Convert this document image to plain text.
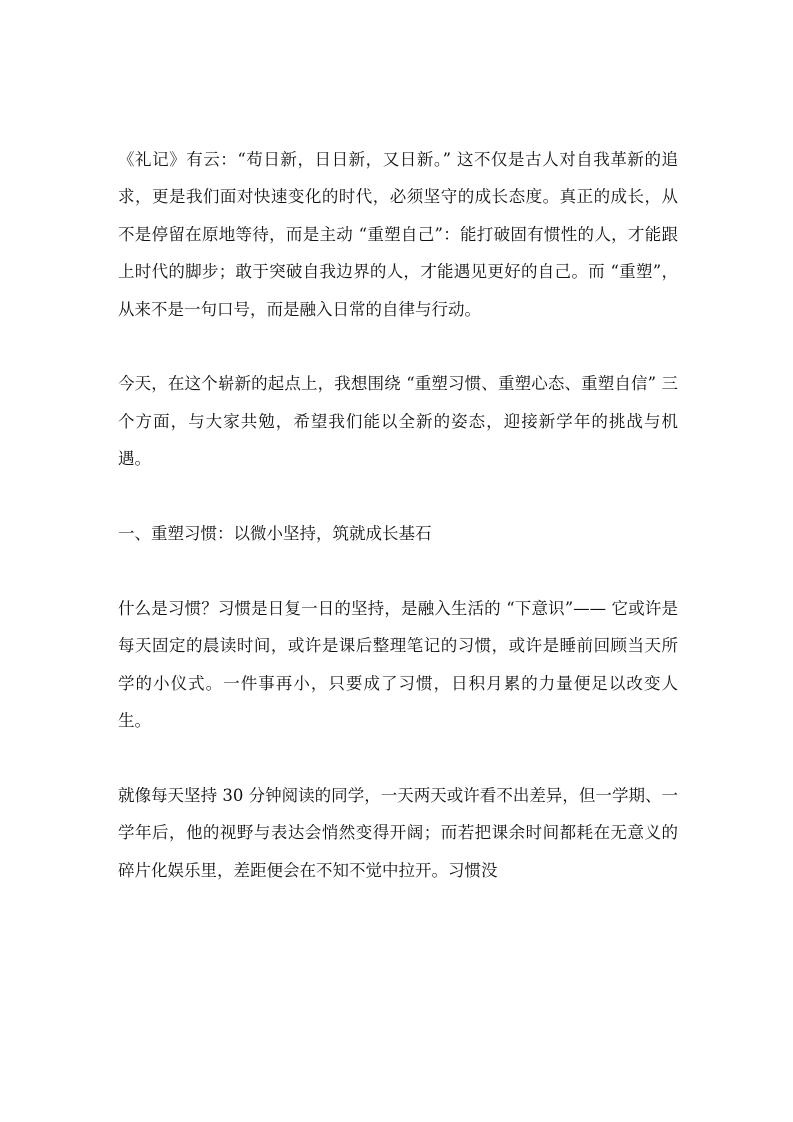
《礼记》有云：“苟日新，日日新，又日新。” 这不仅是古人对自我革新的追求，更是我们面对快速变化的时代，必须坚守的成长态度。真正的成长，从不是停留在原地等待，而是主动 “重塑自己”：能打破固有惯性的人，才能跟上时代的脚步；敢于突破自我边界的人，才能遇见更好的自己。而 “重塑”，从来不是一句口号，而是融入日常的自律与行动。

今天，在这个崭新的起点上，我想围绕 “重塑习惯、重塑心态、重塑自信” 三个方面，与大家共勉，希望我们能以全新的姿态，迎接新学年的挑战与机遇。

一、重塑习惯：以微小坚持，筑就成长基石

什么是习惯？习惯是日复一日的坚持，是融入生活的 “下意识”—— 它或许是每天固定的晨读时间，或许是课后整理笔记的习惯，或许是睡前回顾当天所学的小仪式。一件事再小，只要成了习惯，日积月累的力量便足以改变人生。

就像每天坚持 30 分钟阅读的同学，一天两天或许看不出差异，但一学期、一学年后，他的视野与表达会悄然变得开阔；而若把课余时间都耗在无意义的碎片化娱乐里，差距便会在不知不觉中拉开。习惯没
